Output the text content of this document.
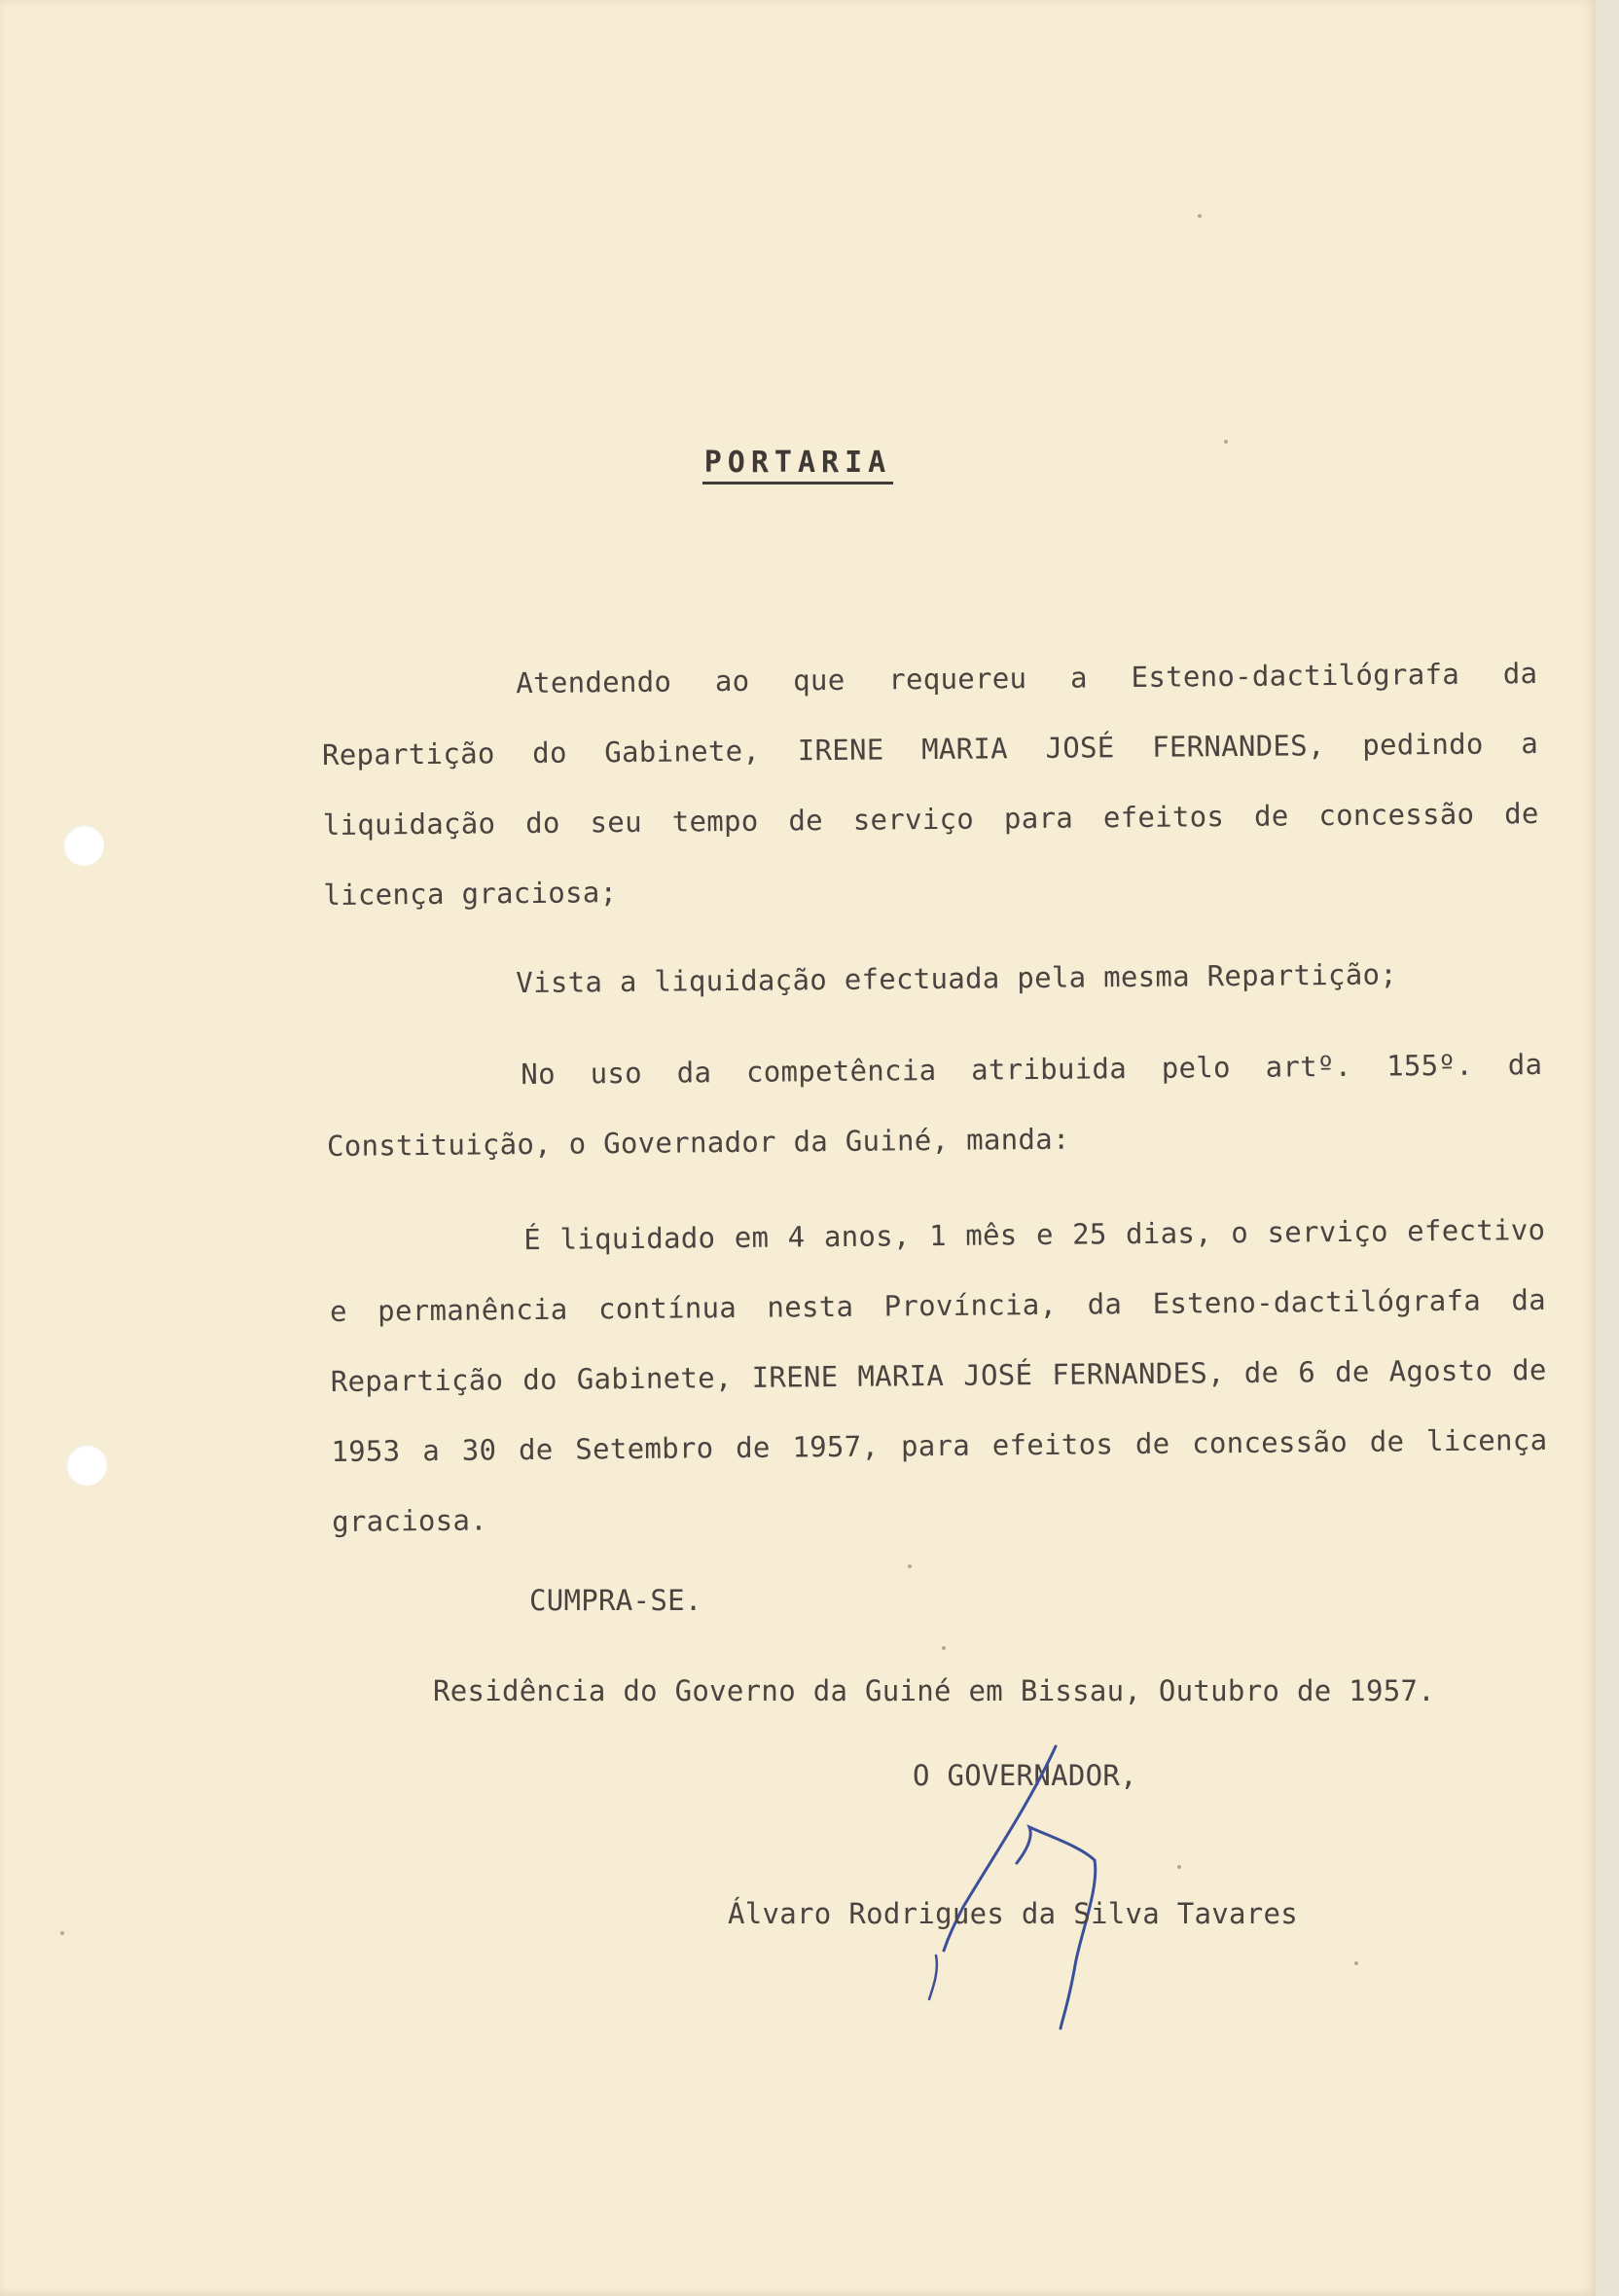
PORTARIA

Atendendo ao que requereu a Esteno-dactilógrafa da Repartição do Gabinete, IRENE MARIA JOSÉ FERNANDES, pedindo a liquidação do seu tempo de serviço para efeitos de concessão de licença graciosa;

Vista a liquidação efectuada pela mesma Repartição;

No uso da competência atribuida pelo artº. 155º. da Constituição, o Governador da Guiné, manda:

É liquidado em 4 anos, 1 mês e 25 dias, o serviço efectivo e permanência contínua nesta Província, da Esteno-dactilógrafa da Repartição do Gabinete, IRENE MARIA JOSÉ FERNANDES, de 6 de Agosto de 1953 a 30 de Setembro de 1957, para efeitos de concessão de licença graciosa.

CUMPRA-SE.

Residência do Governo da Guiné em Bissau, Outubro de 1957.

O GOVERNADOR,

Álvaro Rodrigues da Silva Tavares
